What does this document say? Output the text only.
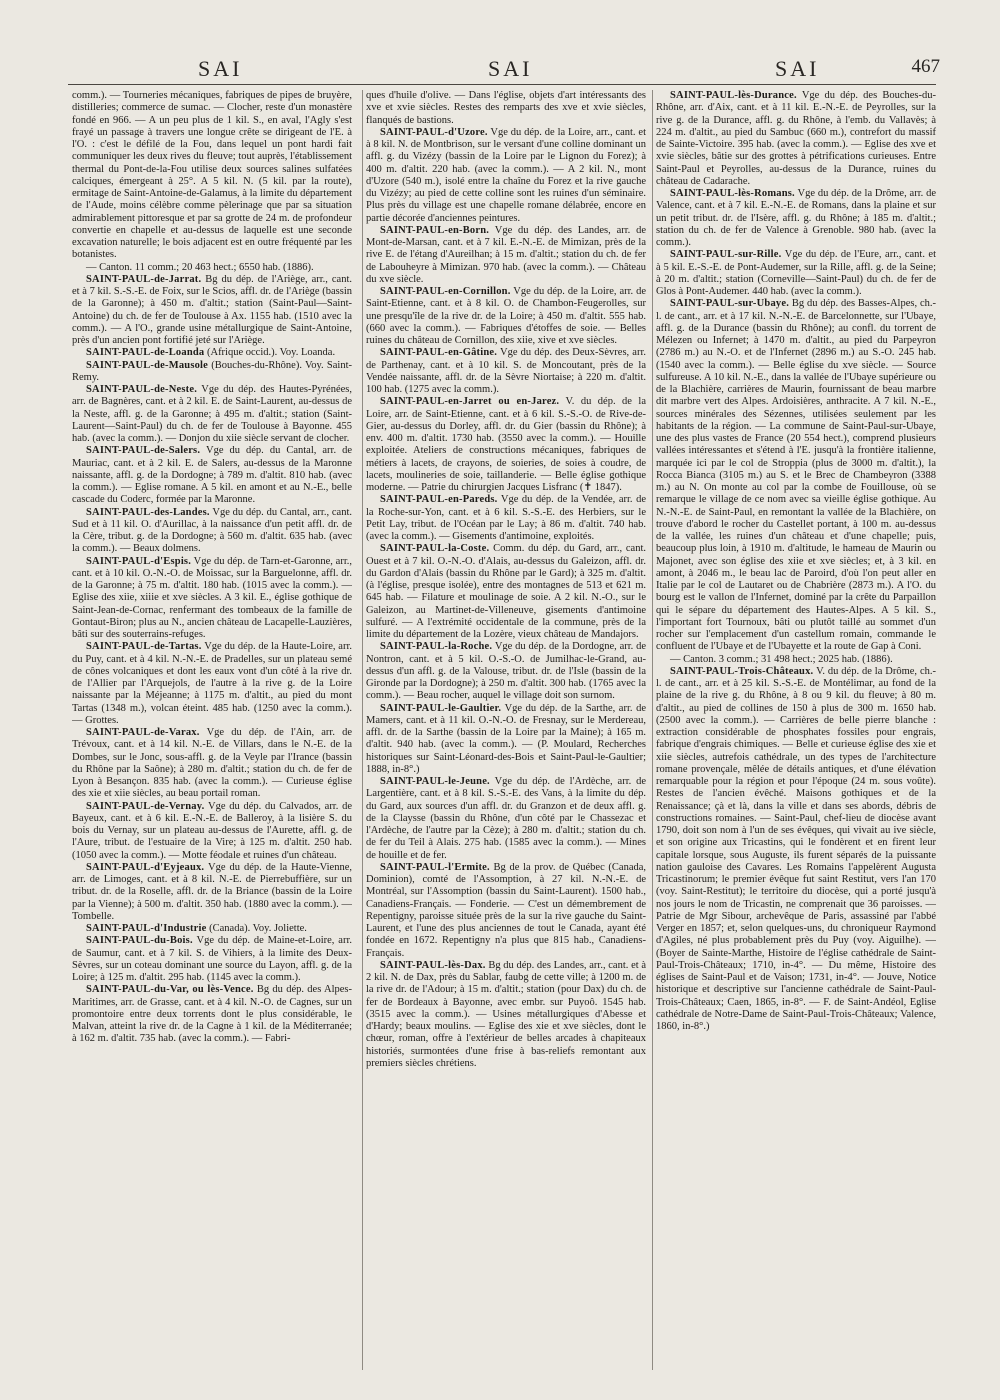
SAI	SAI	SAI	467

comm.). — Tourneries mécaniques, fabriques de pipes de bruyère, distilleries; commerce de sumac. — Clocher, reste d'un monastère fondé en 966. — A un peu plus de 1 kil. S., en aval, l'Agly s'est frayé un passage à travers une longue crête se dirigeant de l'E. à l'O. : c'est le défilé de la Fou, dans lequel un pont hardi fait communiquer les deux rives du fleuve; tout auprès, l'établissement thermal du Pont-de-la-Fou utilise deux sources salines sulfatées calciques, émergeant à 25°. A 5 kil. N. (5 kil. par la route), ermitage de Saint-Antoine-de-Galamus, à la limite du département de l'Aude, moins célèbre comme pèlerinage que par sa situation admirablement pittoresque et par sa grotte de 24 m. de profondeur convertie en chapelle et au-dessus de laquelle est une seconde excavation naturelle; le bois adjacent est en outre fréquenté par les botanistes.

— Canton. 11 comm.; 20 463 hect.; 6550 hab. (1886).

SAINT-PAUL-de-Jarrat. Bg du dép. de l'Ariège, arr., cant. et à 7 kil. S.-S.-E. de Foix, sur le Scios, affl. dr. de l'Ariège (bassin de la Garonne); à 450 m. d'altit.; station (Saint-Paul—Saint-Antoine) du ch. de fer de Toulouse à Ax. 1155 hab. (1510 avec la comm.). — A l'O., grande usine métallurgique de Saint-Antoine, près d'un ancien pont fortifié jeté sur l'Ariège.

SAINT-PAUL-de-Loanda (Afrique occid.). Voy. Loanda.

SAINT-PAUL-de-Mausole (Bouches-du-Rhône). Voy. Saint-Remy.

SAINT-PAUL-de-Neste. Vge du dép. des Hautes-Pyrénées, arr. de Bagnères, cant. et à 2 kil. E. de Saint-Laurent, au-dessus de la Neste, affl. g. de la Garonne; à 495 m. d'altit.; station (Saint-Laurent—Saint-Paul) du ch. de fer de Toulouse à Bayonne. 455 hab. (avec la comm.). — Donjon du xiie siècle servant de clocher.

SAINT-PAUL-de-Salers. Vge du dép. du Cantal, arr. de Mauriac, cant. et à 2 kil. E. de Salers, au-dessus de la Maronne naissante, affl. g. de la Dordogne; à 789 m. d'altit. 810 hab. (avec la comm.). — Eglise romane. A 5 kil. en amont et au N.-E., belle cascade du Coderc, formée par la Maronne.

SAINT-PAUL-des-Landes. Vge du dép. du Cantal, arr., cant. Sud et à 11 kil. O. d'Aurillac, à la naissance d'un petit affl. dr. de la Cère, tribut. g. de la Dordogne; à 560 m. d'altit. 635 hab. (avec la comm.). — Beaux dolmens.

SAINT-PAUL-d'Espis. Vge du dép. de Tarn-et-Garonne, arr., cant. et à 10 kil. O.-N.-O. de Moissac, sur la Barguelonne, affl. dr. de la Garonne; à 75 m. d'altit. 180 hab. (1015 avec la comm.). — Eglise des xiie, xiiie et xve siècles. A 3 kil. E., église gothique de Saint-Jean-de-Cornac, renfermant des tombeaux de la famille de Gontaut-Biron; plus au N., ancien château de Lacapelle-Lauzières, bâti sur des souterrains-refuges.

SAINT-PAUL-de-Tartas. Vge du dép. de la Haute-Loire, arr. du Puy, cant. et à 4 kil. N.-N.-E. de Pradelles, sur un plateau semé de cônes volcaniques et dont les eaux vont d'un côté à la rive dr. de l'Allier par l'Arquejols, de l'autre à la rive g. de la Loire naissante par la Méjeanne; à 1175 m. d'altit., au pied du mont Tartas (1348 m.), volcan éteint. 485 hab. (1250 avec la comm.). — Grottes.

SAINT-PAUL-de-Varax. Vge du dép. de l'Ain, arr. de Trévoux, cant. et à 14 kil. N.-E. de Villars, dans le N.-E. de la Dombes, sur le Jonc, sous-affl. g. de la Veyle par l'Irance (bassin du Rhône par la Saône); à 280 m. d'altit.; station du ch. de fer de Lyon à Besançon. 835 hab. (avec la comm.). — Curieuse église des xie et xiie siècles, au beau portail roman.

SAINT-PAUL-de-Vernay. Vge du dép. du Calvados, arr. de Bayeux, cant. et à 6 kil. E.-N.-E. de Balleroy, à la lisière S. du bois du Vernay, sur un plateau au-dessus de l'Aurette, affl. g. de l'Aure, tribut. de l'estuaire de la Vire; à 125 m. d'altit. 250 hab. (1050 avec la comm.). — Motte féodale et ruines d'un château.

SAINT-PAUL-d'Eyjeaux. Vge du dép. de la Haute-Vienne, arr. de Limoges, cant. et à 8 kil. N.-E. de Pierrebuffière, sur un tribut. dr. de la Roselle, affl. dr. de la Briance (bassin de la Loire par la Vienne); à 500 m. d'altit. 350 hab. (1880 avec la comm.). — Tombelle.

SAINT-PAUL-d'Industrie (Canada). Voy. Joliette.

SAINT-PAUL-du-Bois. Vge du dép. de Maine-et-Loire, arr. de Saumur, cant. et à 7 kil. S. de Vihiers, à la limite des Deux-Sèvres, sur un coteau dominant une source du Layon, affl. g. de la Loire; à 125 m. d'altit. 295 hab. (1145 avec la comm.).

SAINT-PAUL-du-Var, ou lès-Vence. Bg du dép. des Alpes-Maritimes, arr. de Grasse, cant. et à 4 kil. N.-O. de Cagnes, sur un promontoire entre deux torrents dont le plus considérable, le Malvan, atteint la rive dr. de la Cagne à 1 kil. de la Méditerranée; à 162 m. d'altit. 735 hab. (avec la comm.). — Fabri-

ques d'huile d'olive. — Dans l'église, objets d'art intéressants des xve et xvie siècles. Restes des remparts des xve et xvie siècles, flanqués de bastions.

SAINT-PAUL-d'Uzore. Vge du dép. de la Loire, arr., cant. et à 8 kil. N. de Montbrison, sur le versant d'une colline dominant un affl. g. du Vizézy (bassin de la Loire par le Lignon du Forez); à 400 m. d'altit. 220 hab. (avec la comm.). — A 2 kil. N., mont d'Uzore (540 m.), isolé entre la chaîne du Forez et la rive gauche du Vizézy; au pied de cette colline sont les ruines d'un séminaire. Plus près du village est une chapelle romane délabrée, encore en partie décorée d'anciennes peintures.

SAINT-PAUL-en-Born. Vge du dép. des Landes, arr. de Mont-de-Marsan, cant. et à 7 kil. E.-N.-E. de Mimizan, près de la rive E. de l'étang d'Aureilhan; à 15 m. d'altit.; station du ch. de fer de Labouheyre à Mimizan. 970 hab. (avec la comm.). — Château du xve siècle.

SAINT-PAUL-en-Cornillon. Vge du dép. de la Loire, arr. de Saint-Etienne, cant. et à 8 kil. O. de Chambon-Feugerolles, sur une presqu'île de la rive dr. de la Loire; à 450 m. d'altit. 555 hab. (660 avec la comm.). — Fabriques d'étoffes de soie. — Belles ruines du château de Cornillon, des xiie, xive et xve siècles.

SAINT-PAUL-en-Gâtine. Vge du dép. des Deux-Sèvres, arr. de Parthenay, cant. et à 10 kil. S. de Moncoutant, près de la Vendée naissante, affl. dr. de la Sèvre Niortaise; à 220 m. d'altit. 100 hab. (1275 avec la comm.).

SAINT-PAUL-en-Jarret ou en-Jarez. V. du dép. de la Loire, arr. de Saint-Etienne, cant. et à 6 kil. S.-S.-O. de Rive-de-Gier, au-dessus du Dorley, affl. dr. du Gier (bassin du Rhône); à env. 400 m. d'altit. 1730 hab. (3550 avec la comm.). — Houille exploitée. Ateliers de constructions mécaniques, fabriques de métiers à lacets, de crayons, de soieries, de soies à coudre, de lacets, moulineries de soie, taillanderie. — Belle église gothique moderne. — Patrie du chirurgien Jacques Lisfranc (✝ 1847).

SAINT-PAUL-en-Pareds. Vge du dép. de la Vendée, arr. de la Roche-sur-Yon, cant. et à 6 kil. S.-S.-E. des Herbiers, sur le Petit Lay, tribut. de l'Océan par le Lay; à 86 m. d'altit. 740 hab. (avec la comm.). — Gisements d'antimoine, exploités.

SAINT-PAUL-la-Coste. Comm. du dép. du Gard, arr., cant. Ouest et à 7 kil. O.-N.-O. d'Alais, au-dessus du Galeizon, affl. dr. du Gardon d'Alais (bassin du Rhône par le Gard); à 325 m. d'altit. (à l'église, presque isolée), entre des montagnes de 513 et 621 m. 645 hab. — Filature et moulinage de soie. A 2 kil. N.-O., sur le Galeizon, au Martinet-de-Villeneuve, gisements d'antimoine sulfuré. — A l'extrémité occidentale de la commune, près de la limite du département de la Lozère, vieux château de Mandajors.

SAINT-PAUL-la-Roche. Vge du dép. de la Dordogne, arr. de Nontron, cant. et à 5 kil. O.-S.-O. de Jumilhac-le-Grand, au-dessus d'un affl. g. de la Valouse, tribut. dr. de l'Isle (bassin de la Gironde par la Dordogne); à 250 m. d'altit. 300 hab. (1765 avec la comm.). — Beau rocher, auquel le village doit son surnom.

SAINT-PAUL-le-Gaultier. Vge du dép. de la Sarthe, arr. de Mamers, cant. et à 11 kil. O.-N.-O. de Fresnay, sur le Merdereau, affl. dr. de la Sarthe (bassin de la Loire par la Maine); à 165 m. d'altit. 940 hab. (avec la comm.). — (P. Moulard, Recherches historiques sur Saint-Léonard-des-Bois et Saint-Paul-le-Gaultier; 1888, in-8°.)

SAINT-PAUL-le-Jeune. Vge du dép. de l'Ardèche, arr. de Largentière, cant. et à 8 kil. S.-S.-E. des Vans, à la limite du dép. du Gard, aux sources d'un affl. dr. du Granzon et de deux affl. g. de la Claysse (bassin du Rhône, d'un côté par le Chassezac et l'Ardèche, de l'autre par la Cèze); à 280 m. d'altit.; station du ch. de fer du Teil à Alais. 275 hab. (1585 avec la comm.). — Mines de houille et de fer.

SAINT-PAUL-l'Ermite. Bg de la prov. de Québec (Canada, Dominion), comté de l'Assomption, à 27 kil. N.-N.-E. de Montréal, sur l'Assomption (bassin du Saint-Laurent). 1500 hab., Canadiens-Français. — Fonderie. — C'est un démembrement de Repentigny, paroisse située près de la sur la rive gauche du Saint-Laurent, et l'une des plus anciennes de tout le Canada, ayant été fondée en 1672. Repentigny n'a plus que 815 hab., Canadiens-Français.

SAINT-PAUL-lès-Dax. Bg du dép. des Landes, arr., cant. et à 2 kil. N. de Dax, près du Sablar, faubg de cette ville; à 1200 m. de la rive dr. de l'Adour; à 15 m. d'altit.; station (pour Dax) du ch. de fer de Bordeaux à Bayonne, avec embr. sur Puyoô. 1545 hab. (3515 avec la comm.). — Usines métallurgiques d'Abesse et d'Hardy; beaux moulins. — Eglise des xie et xve siècles, dont le chœur, roman, offre à l'extérieur de belles arcades à chapiteaux historiés, surmontées d'une frise à bas-reliefs remontant aux premiers siècles chrétiens.

SAINT-PAUL-lès-Durance. Vge du dép. des Bouches-du-Rhône, arr. d'Aix, cant. et à 11 kil. E.-N.-E. de Peyrolles, sur la rive g. de la Durance, affl. g. du Rhône, à l'emb. du Vallavès; à 224 m. d'altit., au pied du Sambuc (660 m.), contrefort du massif de Sainte-Victoire. 395 hab. (avec la comm.). — Eglise des xve et xvie siècles, bâtie sur des grottes à pétrifications curieuses. Entre Saint-Paul et Peyrolles, au-dessus de la Durance, ruines du château de Cadarache.

SAINT-PAUL-lès-Romans. Vge du dép. de la Drôme, arr. de Valence, cant. et à 7 kil. E.-N.-E. de Romans, dans la plaine et sur un petit tribut. dr. de l'Isère, affl. g. du Rhône; à 185 m. d'altit.; station du ch. de fer de Valence à Grenoble. 980 hab. (avec la comm.).

SAINT-PAUL-sur-Rille. Vge du dép. de l'Eure, arr., cant. et à 5 kil. E.-S.-E. de Pont-Audemer, sur la Rille, affl. g. de la Seine; à 20 m. d'altit.; station (Corneville—Saint-Paul) du ch. de fer de Glos à Pont-Audemer. 440 hab. (avec la comm.).

SAINT-PAUL-sur-Ubaye. Bg du dép. des Basses-Alpes, ch.-l. de cant., arr. et à 17 kil. N.-N.-E. de Barcelonnette, sur l'Ubaye, affl. g. de la Durance (bassin du Rhône); au confl. du torrent de Mélezen ou Infernet; à 1470 m. d'altit., au pied du Parpeyron (2786 m.) au N.-O. et de l'Infernet (2896 m.) au S.-O. 245 hab. (1540 avec la comm.). — Belle église du xve siècle. — Source sulfureuse. A 10 kil. N.-E., dans la vallée de l'Ubaye supérieure ou de la Blachière, carrières de Maurin, fournissant de beau marbre dit marbre vert des Alpes. Ardoisières, anthracite. A 7 kil. N.-E., sources minérales des Sézennes, utilisées seulement par les habitants de la région. — La commune de Saint-Paul-sur-Ubaye, une des plus vastes de France (20 554 hect.), comprend plusieurs vallées intéressantes et s'étend à l'E. jusqu'à la frontière italienne, marquée ici par le col de Stroppia (plus de 3000 m. d'altit.), la Rocca Bianca (3105 m.) au S. et le Brec de Chambeyron (3388 m.) au N. On monte au col par la combe de Fouillouse, où se remarque le village de ce nom avec sa vieille église gothique. Au N.-N.-E. de Saint-Paul, en remontant la vallée de la Blachière, on trouve d'abord le rocher du Castellet portant, à 100 m. au-dessus de la vallée, les ruines d'un château et d'une chapelle; puis, beaucoup plus loin, à 1910 m. d'altitude, le hameau de Maurin ou Majonet, avec son église des xiie et xve siècles; et, à 3 kil. en amont, à 2046 m., le beau lac de Paroird, d'où l'on peut aller en Italie par le col de Lautaret ou de Chabrière (2873 m.). A l'O. du bourg est le vallon de l'Infernet, dominé par la crête du Parpaillon qui le sépare du département des Hautes-Alpes. A 5 kil. S., l'important fort Tournoux, bâti ou plutôt taillé au sommet d'un rocher sur l'emplacement d'un castellum romain, commande le confluent de l'Ubaye et de l'Ubayette et la route de Gap à Coni.

— Canton. 3 comm.; 31 498 hect.; 2025 hab. (1886).

SAINT-PAUL-Trois-Châteaux. V. du dép. de la Drôme, ch.-l. de cant., arr. et à 25 kil. S.-S.-E. de Montélimar, au fond de la plaine de la rive g. du Rhône, à 8 ou 9 kil. du fleuve; à 80 m. d'altit., au pied de collines de 150 à plus de 300 m. 1650 hab. (2500 avec la comm.). — Carrières de belle pierre blanche : extraction considérable de phosphates fossiles pour engrais, fabrique d'engrais chimiques. — Belle et curieuse église des xie et xiie siècles, autrefois cathédrale, un des types de l'architecture romane provençale, mêlée de détails antiques, et d'une élévation remarquable pour la région et pour l'époque (24 m. sous voûte). Restes de l'ancien évêché. Maisons gothiques et de la Renaissance; çà et là, dans la ville et dans ses abords, débris de constructions romaines. — Saint-Paul, chef-lieu de diocèse avant 1790, doit son nom à l'un de ses évêques, qui vivait au ive siècle, et son origine aux Tricastins, qui le fondèrent et en firent leur capitale lorsque, sous Auguste, ils furent séparés de la puissante nation gauloise des Cavares. Les Romains l'appelèrent Augusta Tricastinorum; le premier évêque fut saint Restitut, vers l'an 170 (voy. Saint-Restitut); le territoire du diocèse, qui a porté jusqu'à nos jours le nom de Tricastin, ne comprenait que 36 paroisses. — Patrie de Mgr Sibour, archevêque de Paris, assassiné par l'abbé Verger en 1857; et, selon quelques-uns, du chroniqueur Raymond d'Agiles, né plus probablement près du Puy (voy. Aiguilhe). — (Boyer de Sainte-Marthe, Histoire de l'église cathédrale de Saint-Paul-Trois-Châteaux; 1710, in-4°. — Du même, Histoire des églises de Saint-Paul et de Vaison; 1731, in-4°. — Jouve, Notice historique et descriptive sur l'ancienne cathédrale de Saint-Paul-Trois-Châteaux; Caen, 1865, in-8°. — F. de Saint-Andéol, Eglise cathédrale de Notre-Dame de Saint-Paul-Trois-Châteaux; Valence, 1860, in-8°.)
